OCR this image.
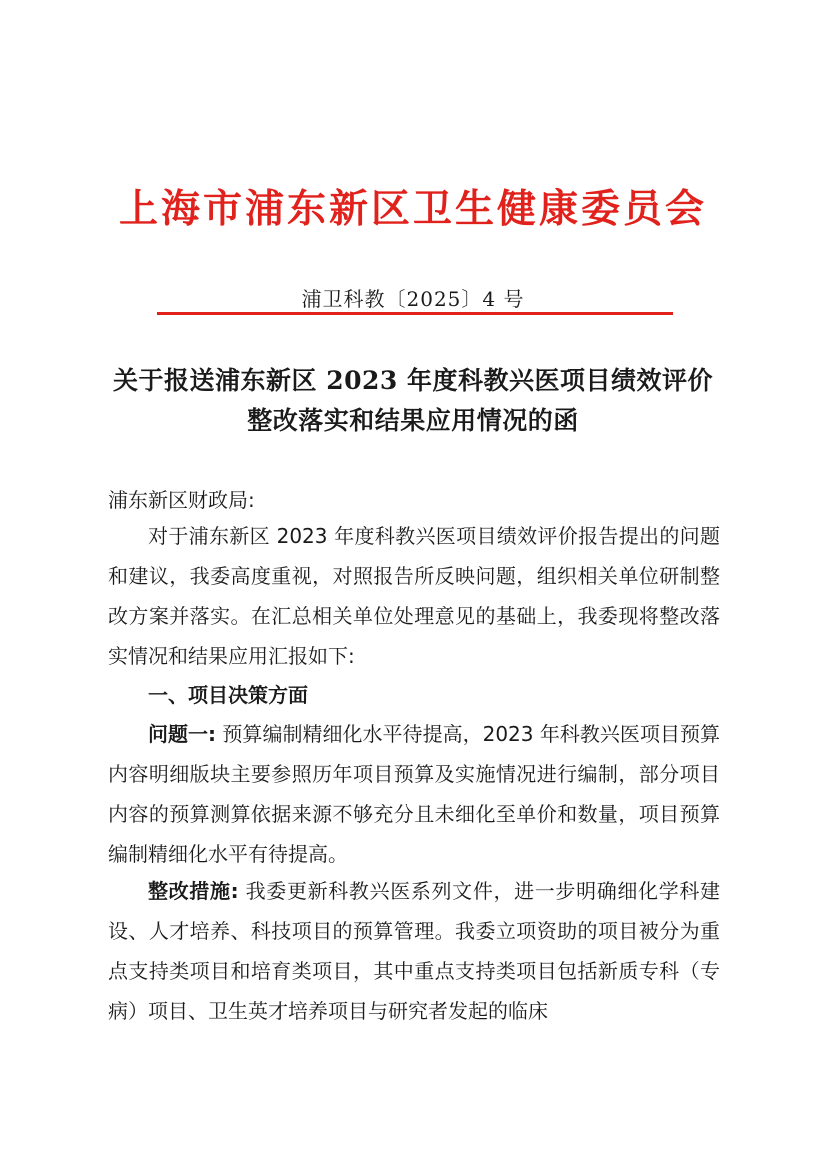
上海市浦东新区卫生健康委员会
浦卫科教〔2025〕4 号
关于报送浦东新区 2023 年度科教兴医项目绩效评价
整改落实和结果应用情况的函
浦东新区财政局:
对于浦东新区 2023 年度科教兴医项目绩效评价报告提出的问题和建议，我委高度重视，对照报告所反映问题，组织相关单位研制整改方案并落实。在汇总相关单位处理意见的基础上，我委现将整改落实情况和结果应用汇报如下:
一、项目决策方面
问题一: 预算编制精细化水平待提高，2023 年科教兴医项目预算内容明细版块主要参照历年项目预算及实施情况进行编制，部分项目内容的预算测算依据来源不够充分且未细化至单价和数量，项目预算编制精细化水平有待提高。
整改措施: 我委更新科教兴医系列文件，进一步明确细化学科建设、人才培养、科技项目的预算管理。我委立项资助的项目被分为重点支持类项目和培育类项目，其中重点支持类项目包括新质专科（专病）项目、卫生英才培养项目与研究者发起的临床
